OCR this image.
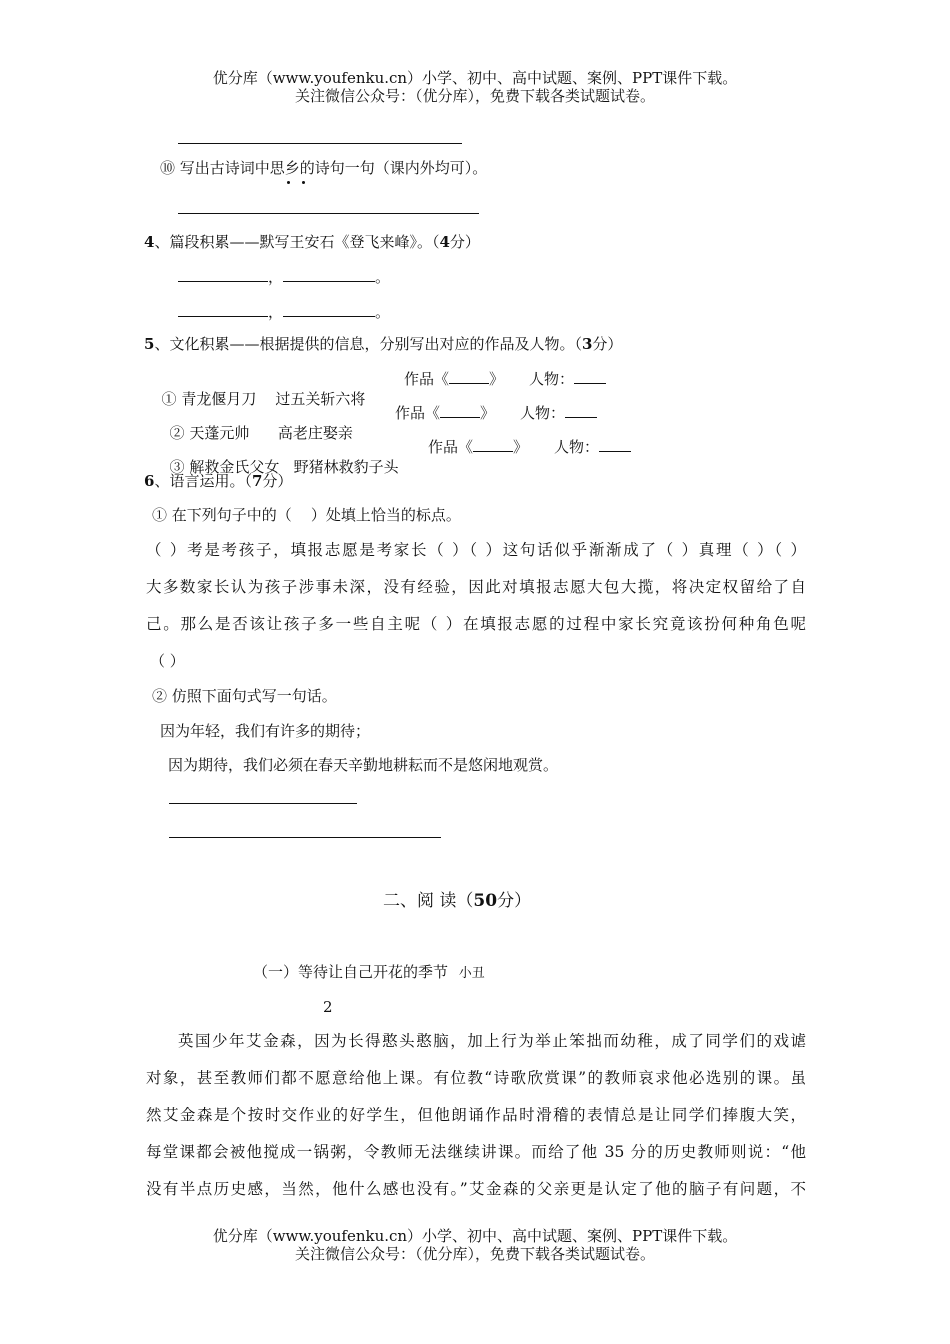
优分库（www.youfenku.cn）小学、初中、高中试题、案例、PPT课件下载。
关注微信公众号：（优分库），免费下载各类试题试卷。
⑩ 写出古诗词中思乡的诗句一句（课内外均可）。
4、篇段积累——默写王安石《登飞来峰》。（4分）
，	。
，	。
5、文化积累——根据提供的信息，分别写出对应的作品及人物。（3分）

① 青龙偃月刀    过五关斩六将

作品《	》 人物：

② 天蓬元帅      高老庄娶亲

作品《	》 人物：

③ 解救金氏父女   野猪林救豹子头

作品《	》 人物：
6、语言运用。（7分）
① 在下列句子中的（    ）处填上恰当的标点。
（ ）考是考孩子，填报志愿是考家长（ ）（ ）这句话似乎渐渐成了（ ）真理（ ）（ ）
大多数家长认为孩子涉事未深，没有经验，因此对填报志愿大包大揽，将决定权留给了自
己。那么是否该让孩子多一些自主呢（ ）在填报志愿的过程中家长究竟该扮何种角色呢
（ ）
② 仿照下面句式写一句话。
因为年轻，我们有许多的期待；
因为期待，我们必须在春天辛勤地耕耘而不是悠闲地观赏。
二、阅 读（50分）
（一）等待让自己开花的季节 小丑
2
英国少年艾金森，因为长得憨头憨脑，加上行为举止笨拙而幼稚，成了同学们的戏谑
对象，甚至教师们都不愿意给他上课。有位教“诗歌欣赏课”的教师哀求他必选别的课。虽
然艾金森是个按时交作业的好学生，但他朗诵作品时滑稽的表情总是让同学们捧腹大笑，
每堂课都会被他搅成一锅粥，令教师无法继续讲课。而给了他 35 分的历史教师则说：“他
没有半点历史感，当然，他什么感也没有。”艾金森的父亲更是认定了他的脑子有问题，不
优分库（www.youfenku.cn）小学、初中、高中试题、案例、PPT课件下载。
关注微信公众号：（优分库），免费下载各类试题试卷。
